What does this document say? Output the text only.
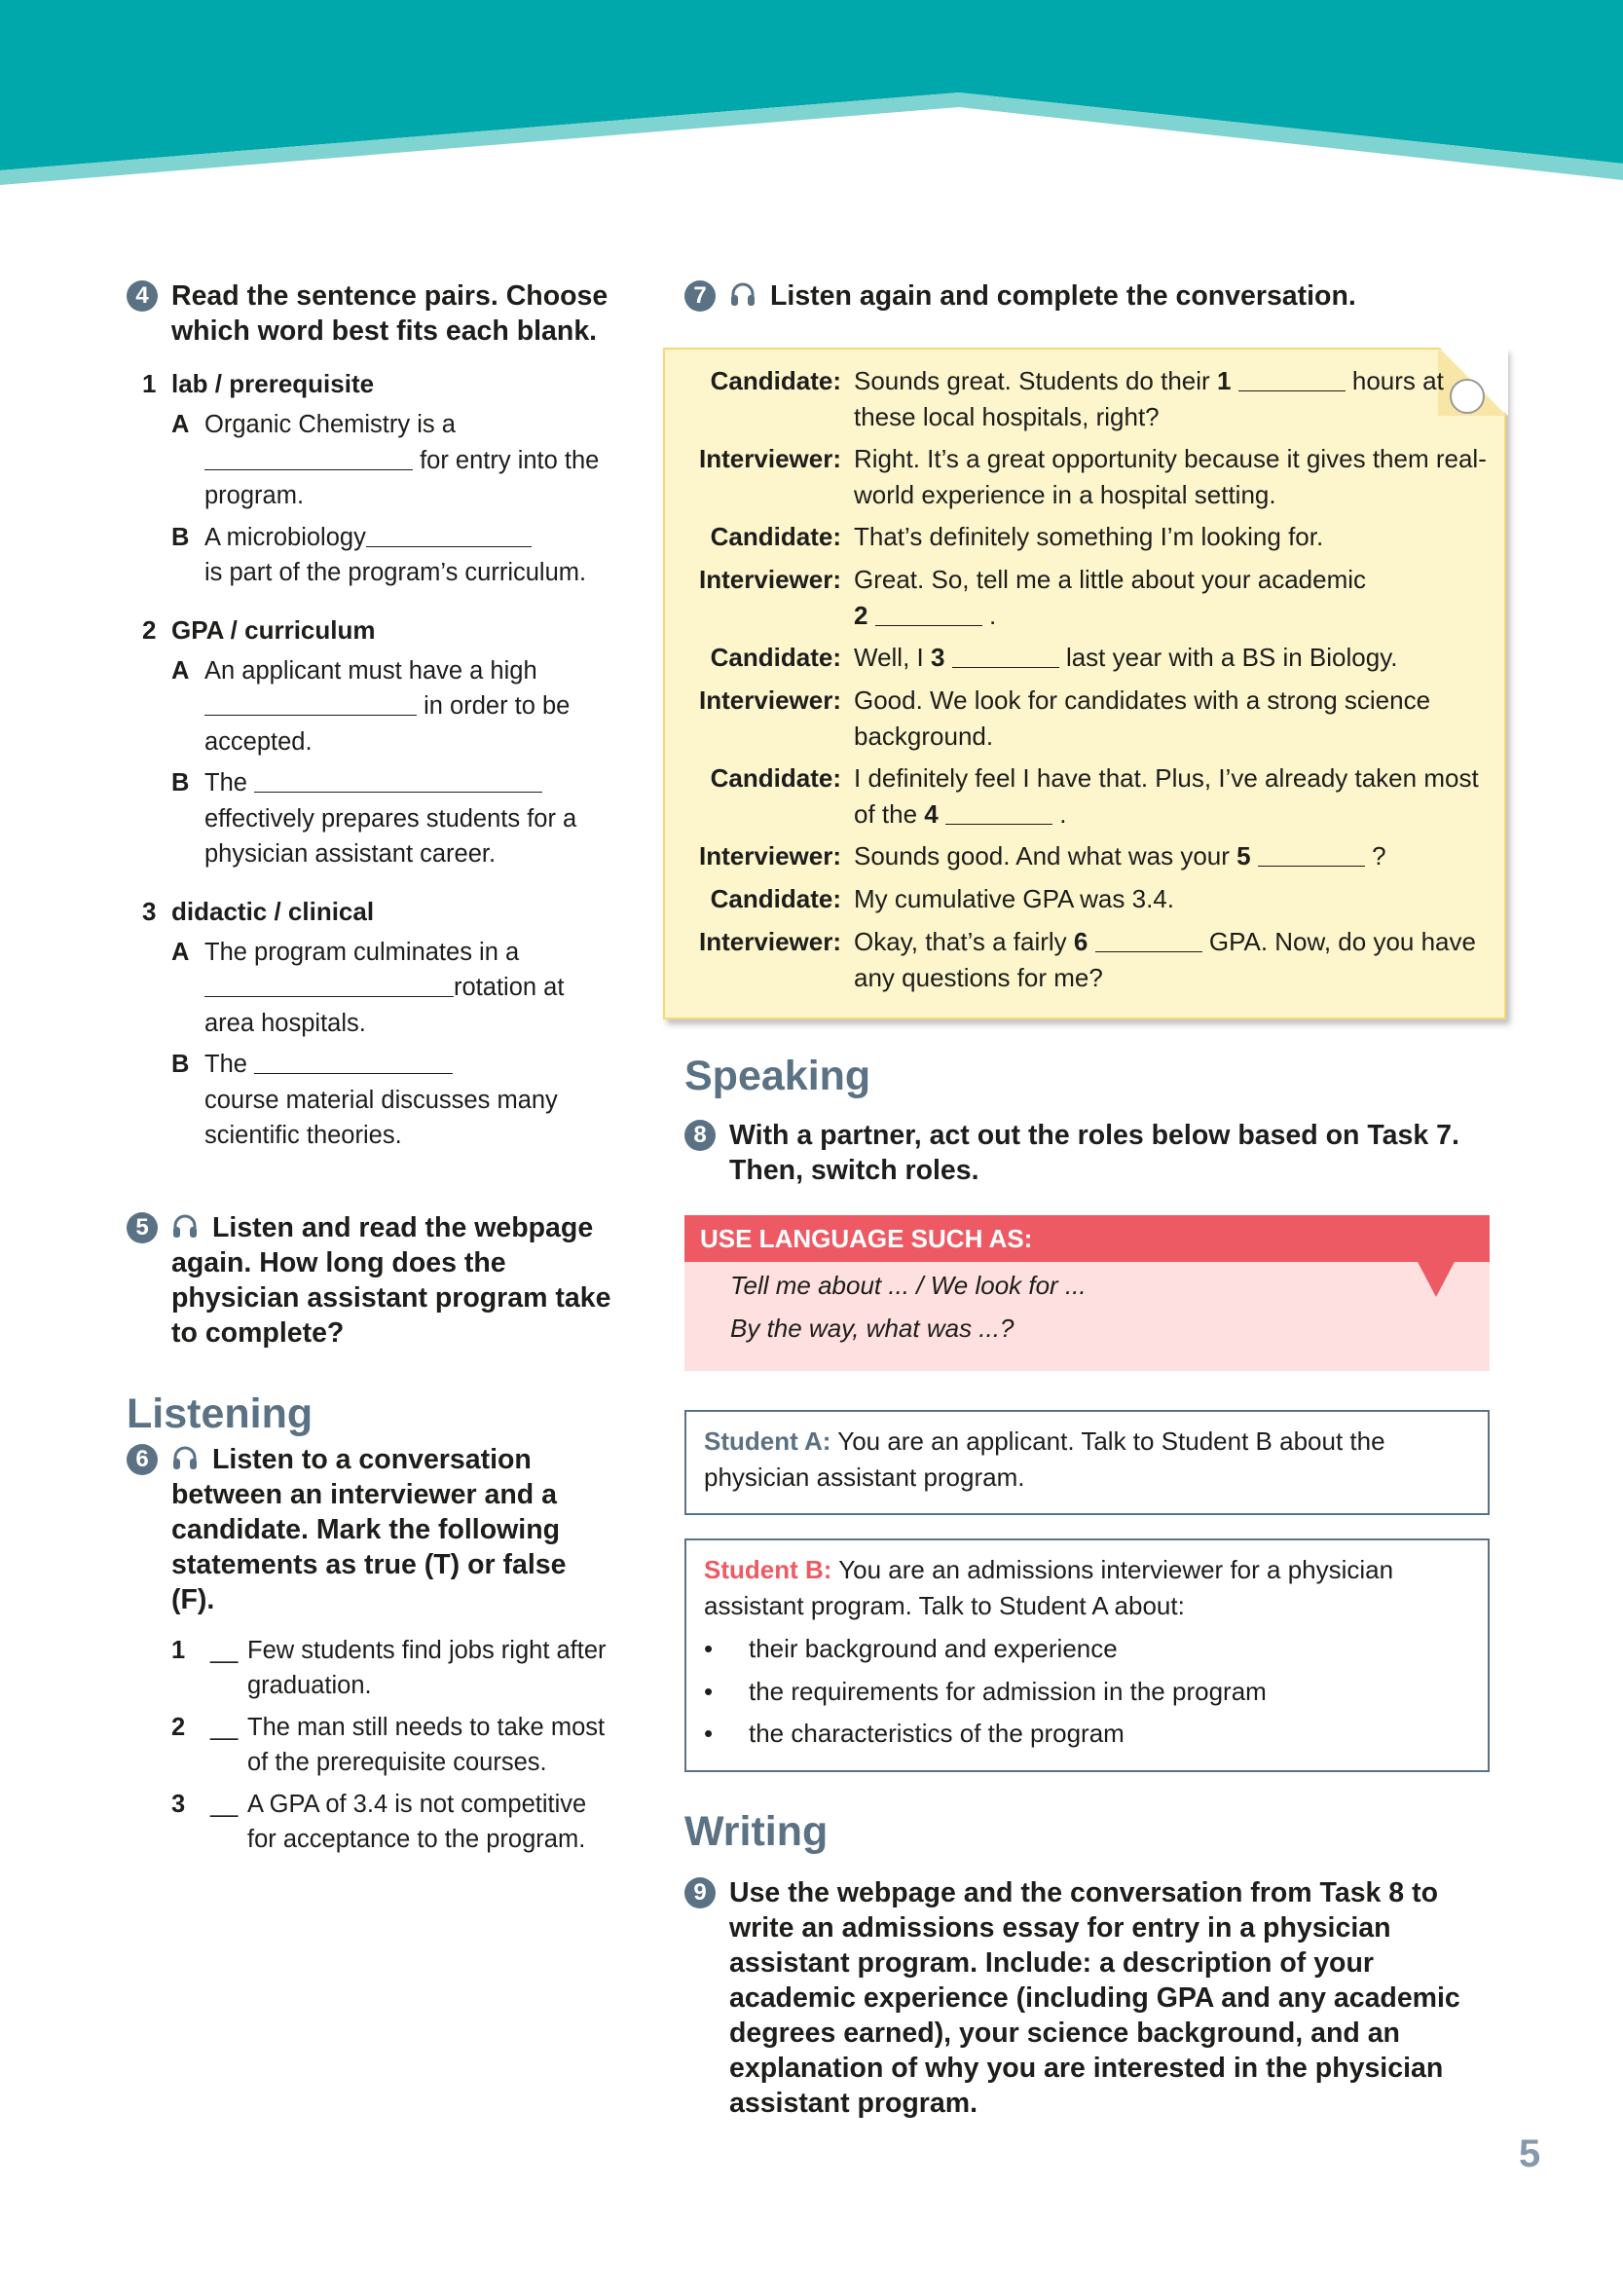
4 Read the sentence pairs. Choose which word best fits each blank.
1 lab / prerequisite
A Organic Chemistry is a
for entry into the program.
B A microbiology
is part of the program’s curriculum.
2 GPA / curriculum
A An applicant must have a high
in order to be accepted.
B The
effectively prepares students for a physician assistant career.
3 didactic / clinical
A The program culminates in a
rotation at area hospitals.
B The
course material discusses many scientific theories.
5	Listen and read the webpage again. How long does the physician assistant program take to complete?
Listening
6	Listen to a conversation between an interviewer and a candidate. Mark the following statements as true (T) or false (F).
1 __ Few students find jobs right after graduation.
2 __ The man still needs to take most of the prerequisite courses.
3 __ A GPA of 3.4 is not competitive for acceptance to the program.
7	Listen again and complete the conversation.
Candidate: Sounds great. Students do their 1	hours at these local hospitals, right?
Interviewer: Right. It’s a great opportunity because it gives them real-world experience in a hospital setting.
Candidate: That’s definitely something I’m looking for.
Interviewer: Great. So, tell me a little about your academic
2	.
Candidate: Well, I 3	last year with a BS in Biology.
Interviewer: Good. We look for candidates with a strong science background.
Candidate: I definitely feel I have that. Plus, I’ve already taken most of the 4	.
Interviewer: Sounds good. And what was your 5	?
Candidate: My cumulative GPA was 3.4.
Interviewer: Okay, that’s a fairly 6	GPA. Now, do you have any questions for me?
Speaking
8 With a partner, act out the roles below based on Task 7. Then, switch roles.
USE LANGUAGE SUCH AS:
Tell me about ... / We look for ...
By the way, what was ...?
Student A: You are an applicant. Talk to Student B about the physician assistant program.
Student B: You are an admissions interviewer for a physician assistant program. Talk to Student A about:
• their background and experience
• the requirements for admission in the program
• the characteristics of the program
Writing
9 Use the webpage and the conversation from Task 8 to write an admissions essay for entry in a physician assistant program. Include: a description of your academic experience (including GPA and any academic degrees earned), your science background, and an explanation of why you are interested in the physician assistant program.
5
